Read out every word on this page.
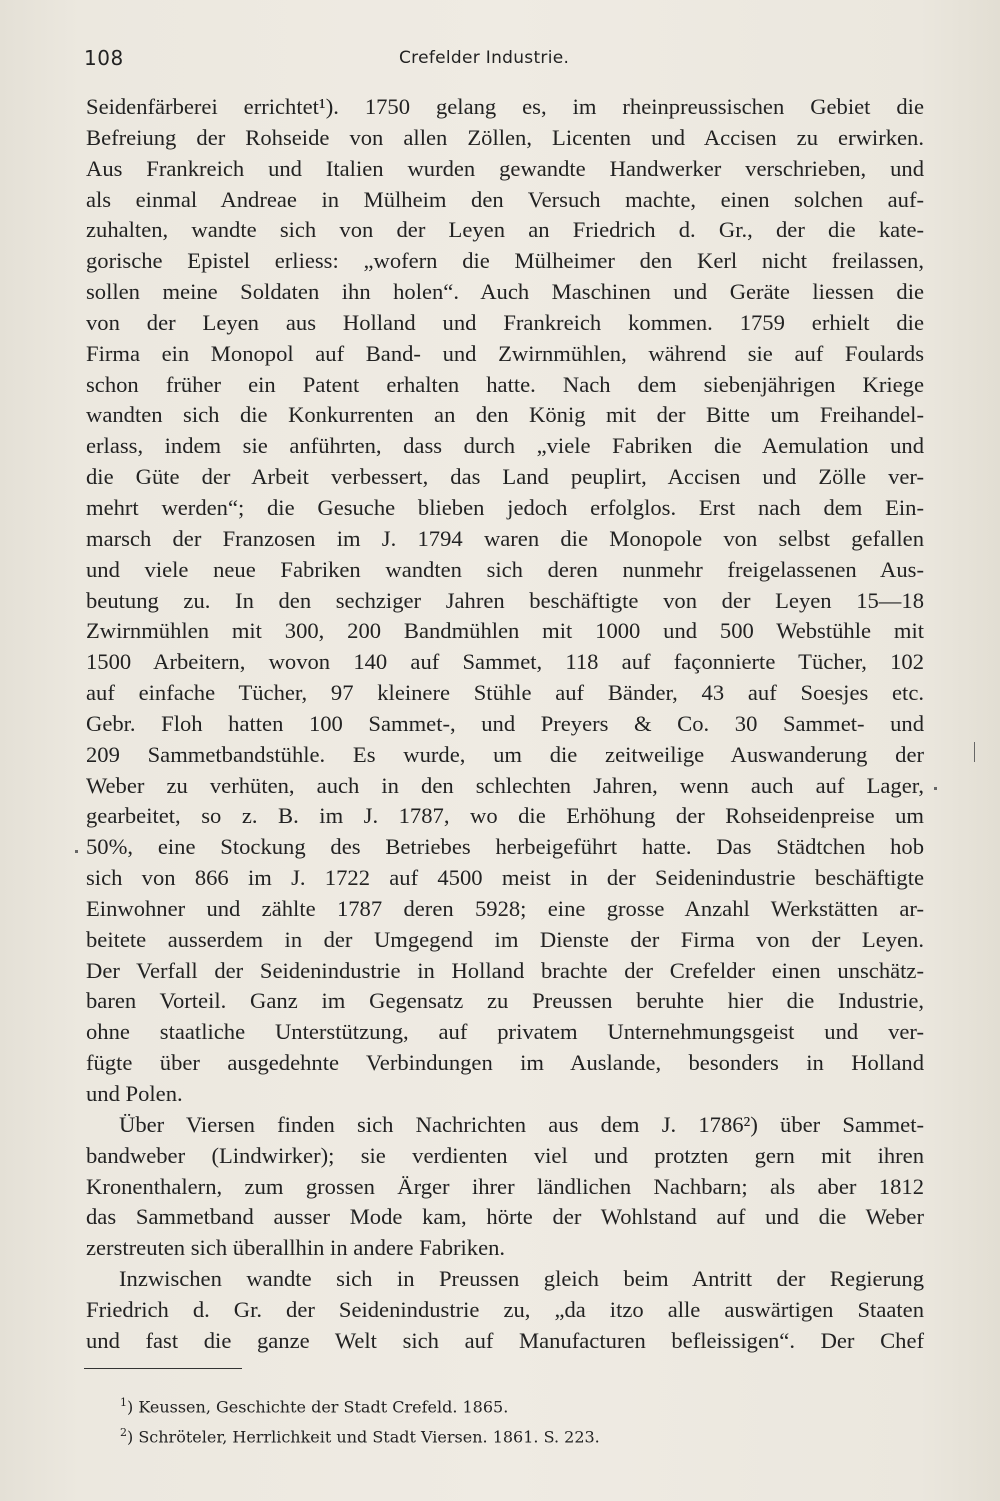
108	Crefelder Industrie.
Seidenfärberei errichtet¹). 1750 gelang es, im rheinpreussischen Gebiet die
Befreiung der Rohseide von allen Zöllen, Licenten und Accisen zu erwirken.
Aus Frankreich und Italien wurden gewandte Handwerker verschrieben, und
als einmal Andreae in Mülheim den Versuch machte, einen solchen auf-
zuhalten, wandte sich von der Leyen an Friedrich d. Gr., der die kate-
gorische Epistel erliess: „wofern die Mülheimer den Kerl nicht freilassen,
sollen meine Soldaten ihn holen“. Auch Maschinen und Geräte liessen die
von der Leyen aus Holland und Frankreich kommen. 1759 erhielt die
Firma ein Monopol auf Band- und Zwirnmühlen, während sie auf Foulards
schon früher ein Patent erhalten hatte. Nach dem siebenjährigen Kriege
wandten sich die Konkurrenten an den König mit der Bitte um Freihandel-
erlass, indem sie anführten, dass durch „viele Fabriken die Aemulation und
die Güte der Arbeit verbessert, das Land peuplirt, Accisen und Zölle ver-
mehrt werden“; die Gesuche blieben jedoch erfolglos. Erst nach dem Ein-
marsch der Franzosen im J. 1794 waren die Monopole von selbst gefallen
und viele neue Fabriken wandten sich deren nunmehr freigelassenen Aus-
beutung zu. In den sechziger Jahren beschäftigte von der Leyen 15—18
Zwirnmühlen mit 300, 200 Bandmühlen mit 1000 und 500 Webstühle mit
1500 Arbeitern, wovon 140 auf Sammet, 118 auf façonnierte Tücher, 102
auf einfache Tücher, 97 kleinere Stühle auf Bänder, 43 auf Soesjes etc.
Gebr. Floh hatten 100 Sammet-, und Preyers & Co. 30 Sammet- und
209 Sammetbandstühle. Es wurde, um die zeitweilige Auswanderung der
Weber zu verhüten, auch in den schlechten Jahren, wenn auch auf Lager,
gearbeitet, so z. B. im J. 1787, wo die Erhöhung der Rohseidenpreise um
50%, eine Stockung des Betriebes herbeigeführt hatte. Das Städtchen hob
sich von 866 im J. 1722 auf 4500 meist in der Seidenindustrie beschäftigte
Einwohner und zählte 1787 deren 5928; eine grosse Anzahl Werkstätten ar-
beitete ausserdem in der Umgegend im Dienste der Firma von der Leyen.
Der Verfall der Seidenindustrie in Holland brachte der Crefelder einen unschätz-
baren Vorteil. Ganz im Gegensatz zu Preussen beruhte hier die Industrie,
ohne staatliche Unterstützung, auf privatem Unternehmungsgeist und ver-
fügte über ausgedehnte Verbindungen im Auslande, besonders in Holland
und Polen.
Über Viersen finden sich Nachrichten aus dem J. 1786²) über Sammet-
bandweber (Lindwirker); sie verdienten viel und protzten gern mit ihren
Kronenthalern, zum grossen Ärger ihrer ländlichen Nachbarn; als aber 1812
das Sammetband ausser Mode kam, hörte der Wohlstand auf und die Weber
zerstreuten sich überallhin in andere Fabriken.
Inzwischen wandte sich in Preussen gleich beim Antritt der Regierung
Friedrich d. Gr. der Seidenindustrie zu, „da itzo alle auswärtigen Staaten
und fast die ganze Welt sich auf Manufacturen befleissigen“. Der Chef
$^1$) Keussen, Geschichte der Stadt Crefeld. 1865.
$^2$) Schröteler, Herrlichkeit und Stadt Viersen. 1861. S. 223.
